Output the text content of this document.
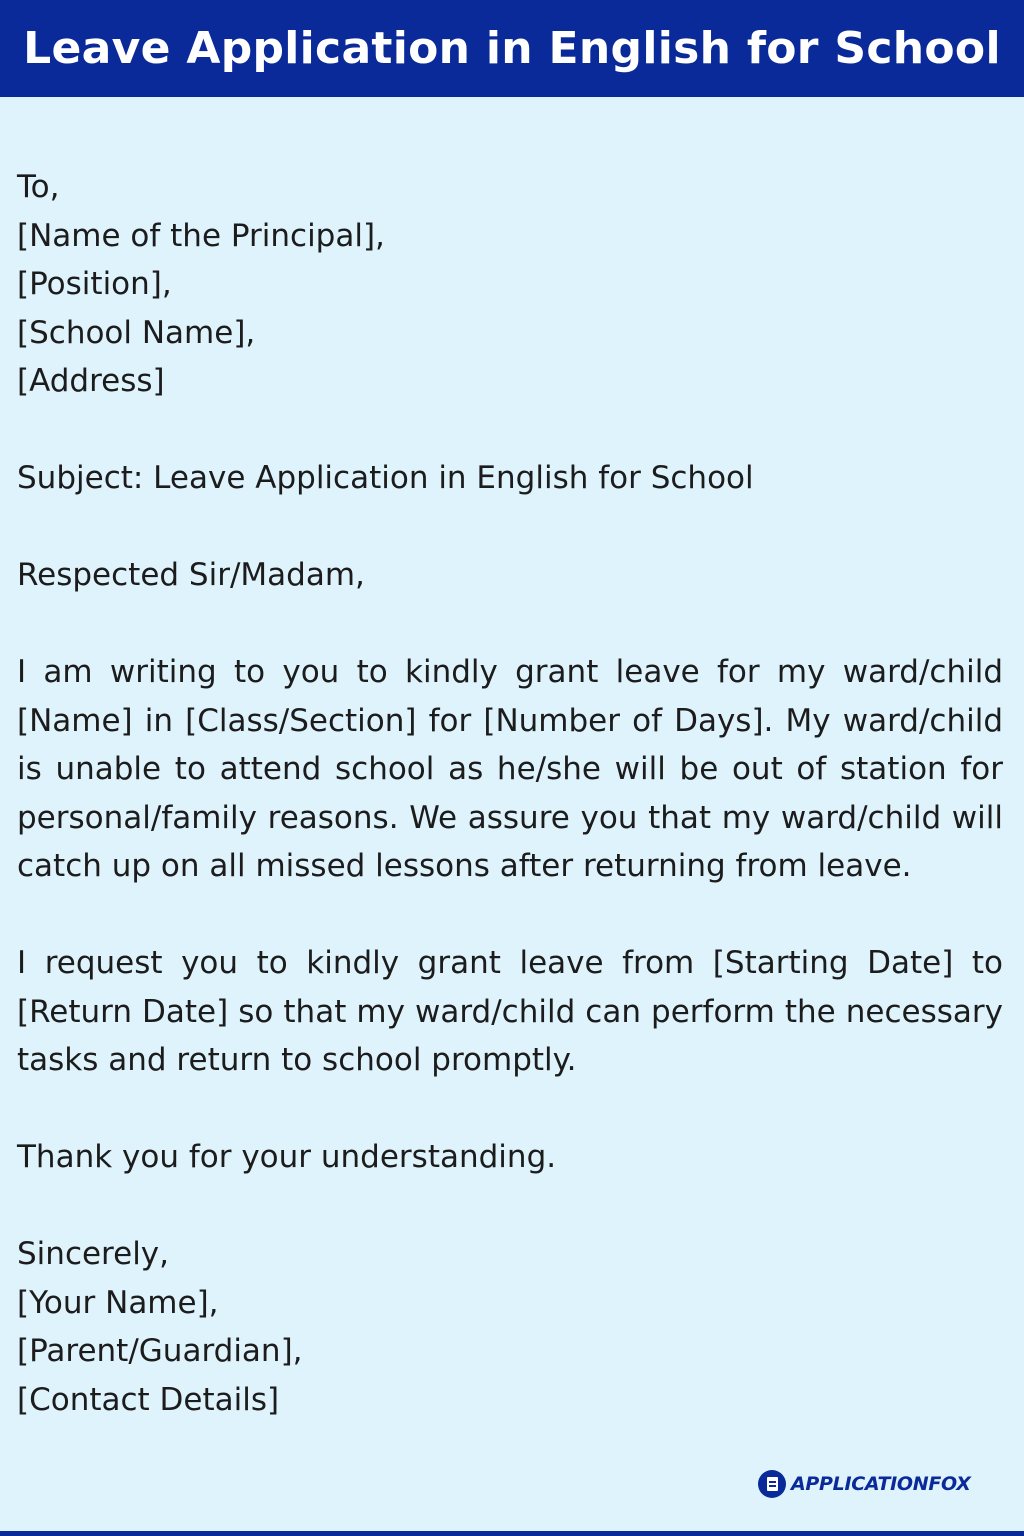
Leave Application in English for School
To,
[Name of the Principal],
[Position],
[School Name],
[Address]
Subject: Leave Application in English for School
Respected Sir/Madam,
I am writing to you to kindly grant leave for my ward/child [Name] in [Class/Section] for [Number of Days]. My ward/child is unable to attend school as he/she will be out of station for personal/family reasons. We assure you that my ward/child will catch up on all missed lessons after returning from leave.
I request you to kindly grant leave from [Starting Date] to [Return Date] so that my ward/child can perform the necessary tasks and return to school promptly.
Thank you for your understanding.
Sincerely,
[Your Name],
[Parent/Guardian],
[Contact Details]
APPLICATIONFOX
